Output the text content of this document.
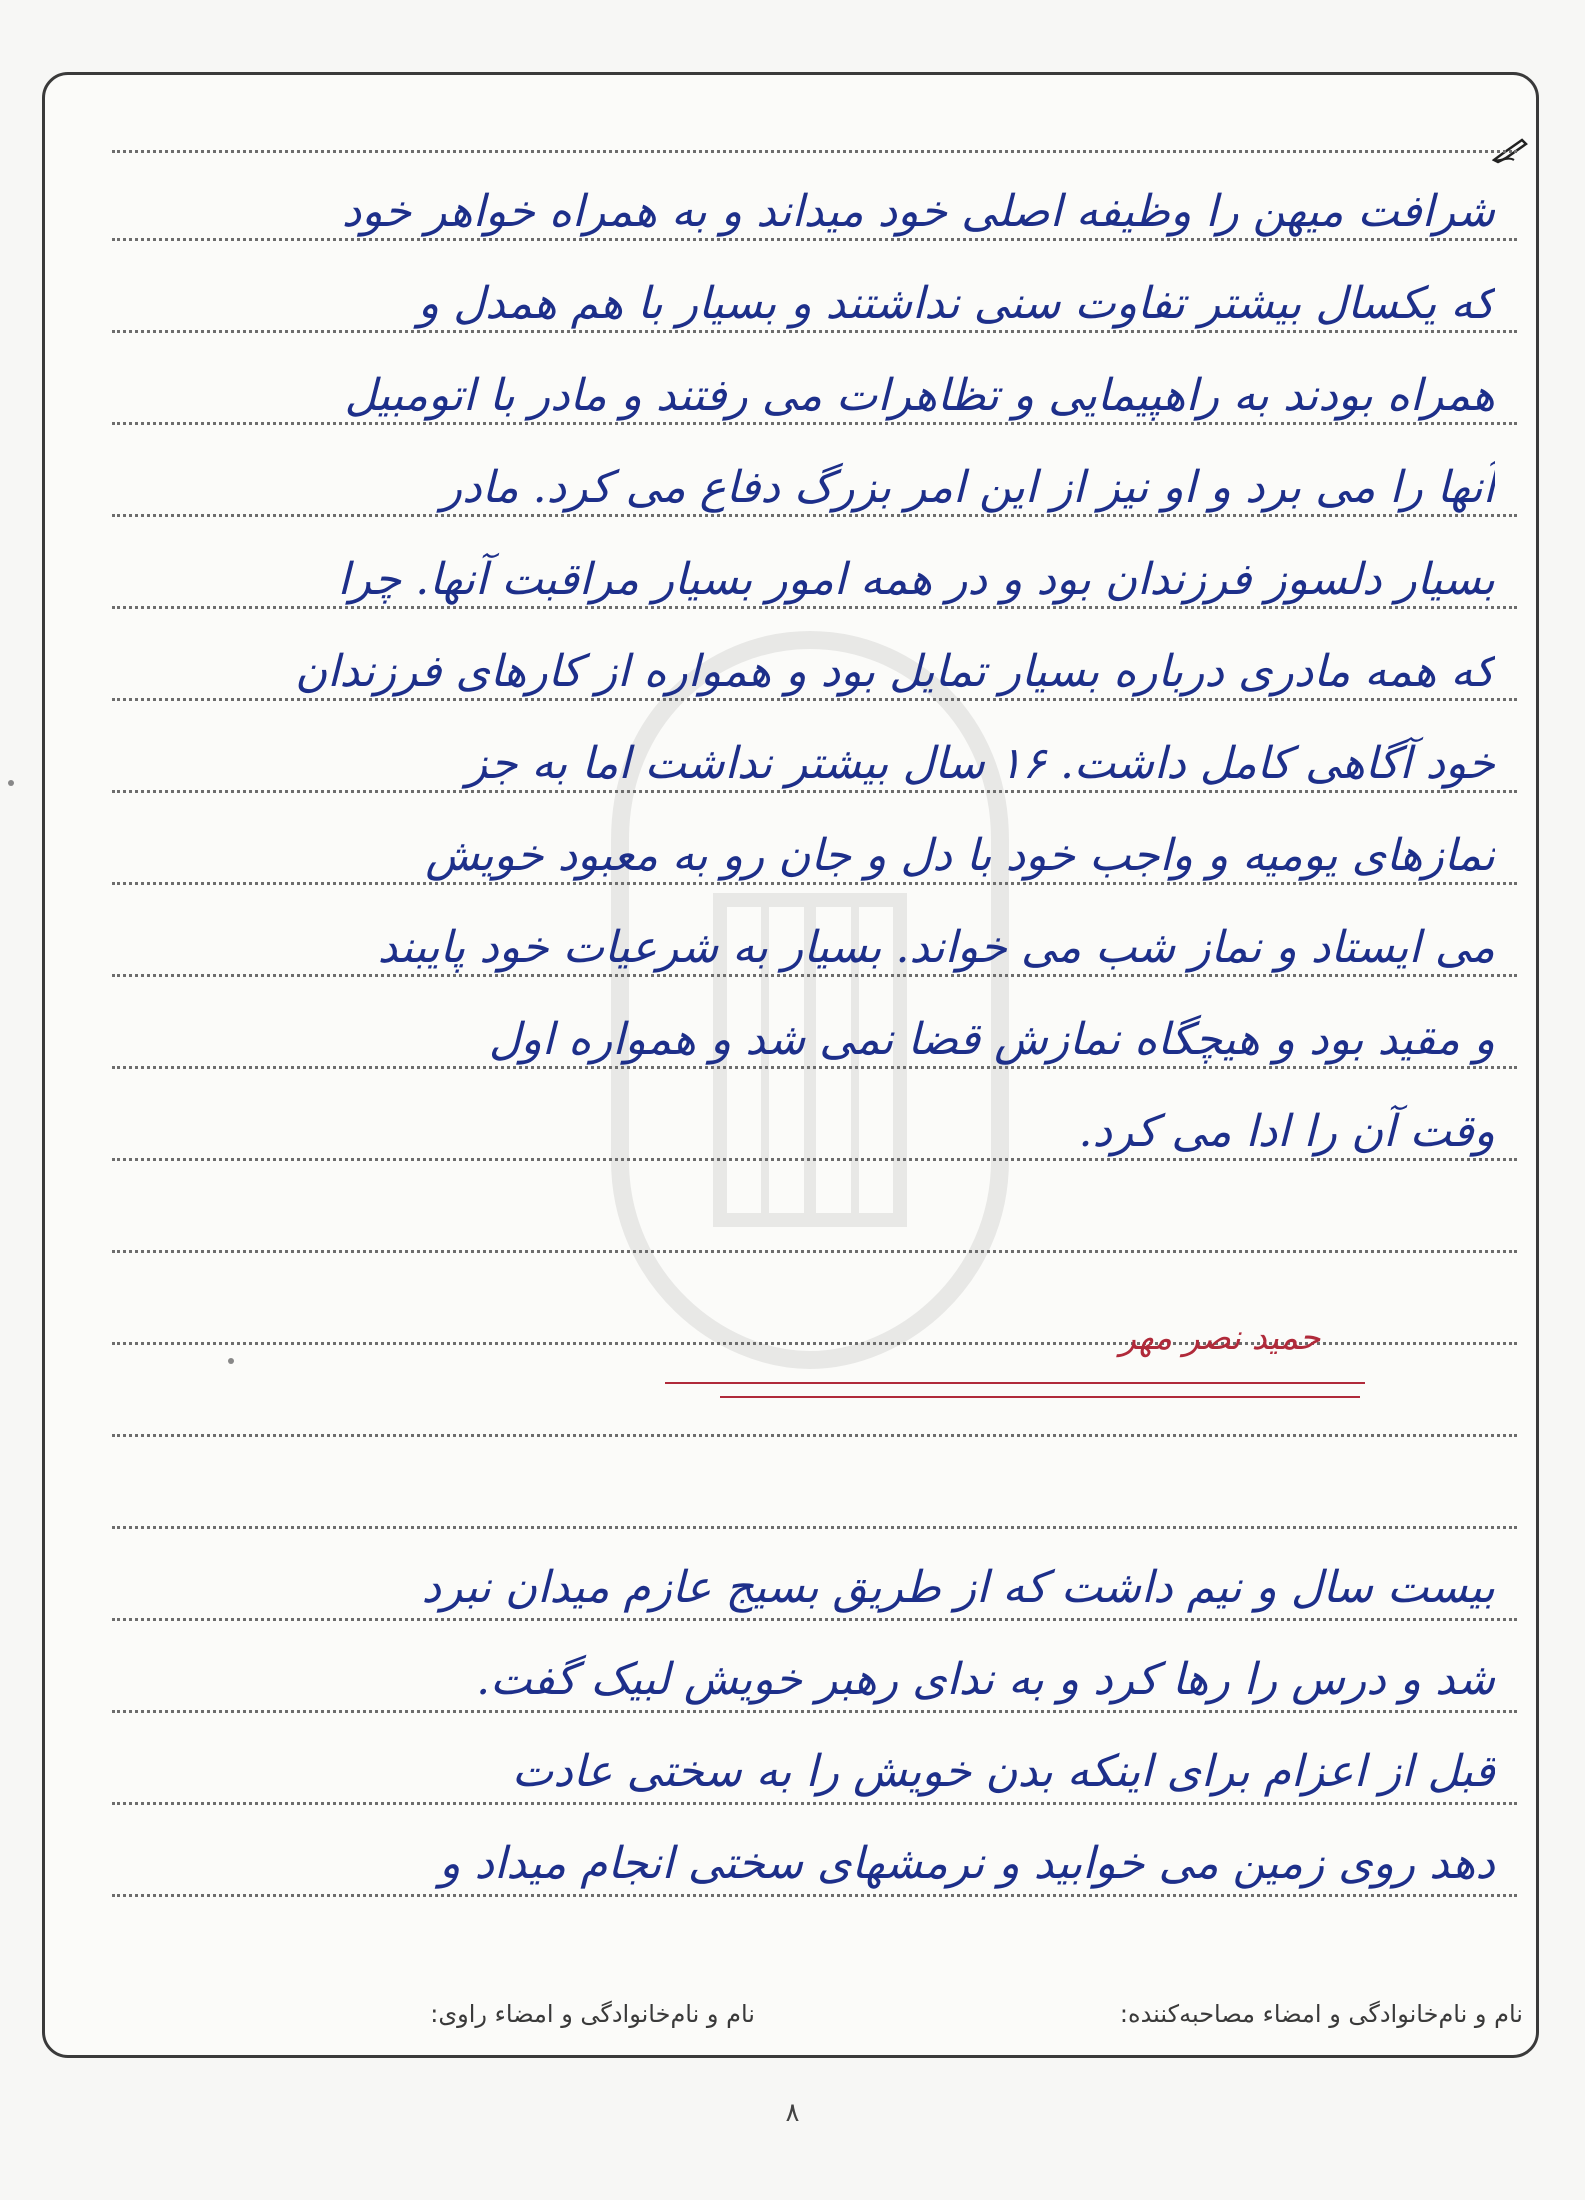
شرافت میهن را وظیفه اصلی خود میداند و به همراه خواهر خود
که یکسال بیشتر تفاوت سنی نداشتند و بسیار با هم همدل و
همراه بودند به راهپیمایی و تظاهرات می رفتند و مادر با اتومبیل
آنها را می برد و او نیز از این امر بزرگ دفاع می کرد. مادر
بسیار دلسوز فرزندان بود و در همه امور بسیار مراقبت آنها. چرا
که همه مادری درباره بسیار تمایل بود و همواره از کارهای فرزندان
خود آگاهی کامل داشت. ۱۶ سال بیشتر نداشت اما به جز
نمازهای یومیه و واجب خود با دل و جان رو به معبود خویش
می ایستاد و نماز شب می خواند. بسیار به شرعیات خود پایبند
و مقید بود و هیچگاه نمازش قضا نمی شد و همواره اول
وقت آن را ادا می کرد.
حمید نصر مهر
بیست سال و نیم داشت که از طریق بسیج عازم میدان نبرد
شد و درس را رها کرد و به ندای رهبر خویش لبیک گفت.
قبل از اعزام برای اینکه بدن خویش را به سختی عادت
دهد روی زمین می خوابید و نرمشهای سختی انجام میداد و
نام و نام‌خانوادگی و امضاء مصاحبه‌کننده:
نام و نام‌خانوادگی و امضاء راوی:
۸
